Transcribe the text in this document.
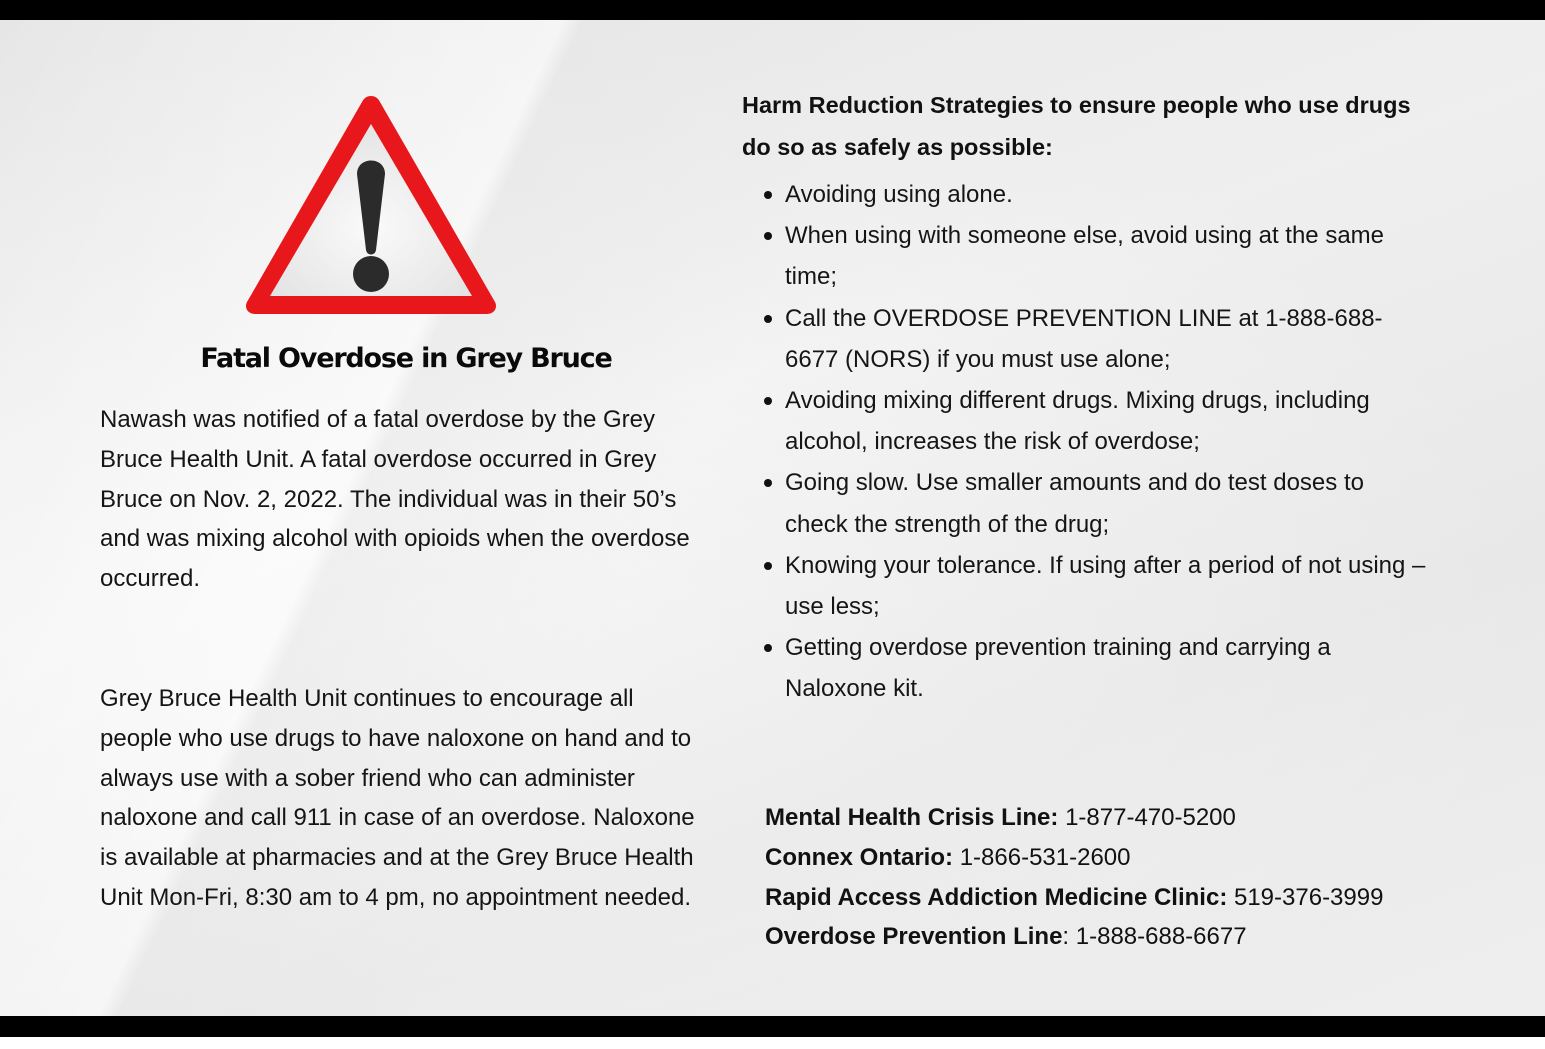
Fatal Overdose in Grey Bruce
Nawash was notified of a fatal overdose by the Grey Bruce Health Unit. A fatal overdose occurred in Grey Bruce on Nov. 2, 2022. The individual was in their 50’s and was mixing alcohol with opioids when the overdose occurred.
Grey Bruce Health Unit continues to encourage all people who use drugs to have naloxone on hand and to always use with a sober friend who can administer naloxone and call 911 in case of an overdose. Naloxone is available at pharmacies and at the Grey Bruce Health Unit Mon-Fri, 8:30 am to 4 pm, no appointment needed.
Harm Reduction Strategies to ensure people who use drugs do so as safely as possible:
Avoiding using alone.
When using with someone else, avoid using at the same time;
Call the OVERDOSE PREVENTION LINE at 1-888-688-6677 (NORS) if you must use alone;
Avoiding mixing different drugs. Mixing drugs, including alcohol, increases the risk of overdose;
Going slow. Use smaller amounts and do test doses to check the strength of the drug;
Knowing your tolerance. If using after a period of not using – use less;
Getting overdose prevention training and carrying a Naloxone kit.
Mental Health Crisis Line: 1-877-470-5200
Connex Ontario: 1-866-531-2600
Rapid Access Addiction Medicine Clinic: 519-376-3999
Overdose Prevention Line: 1-888-688-6677
